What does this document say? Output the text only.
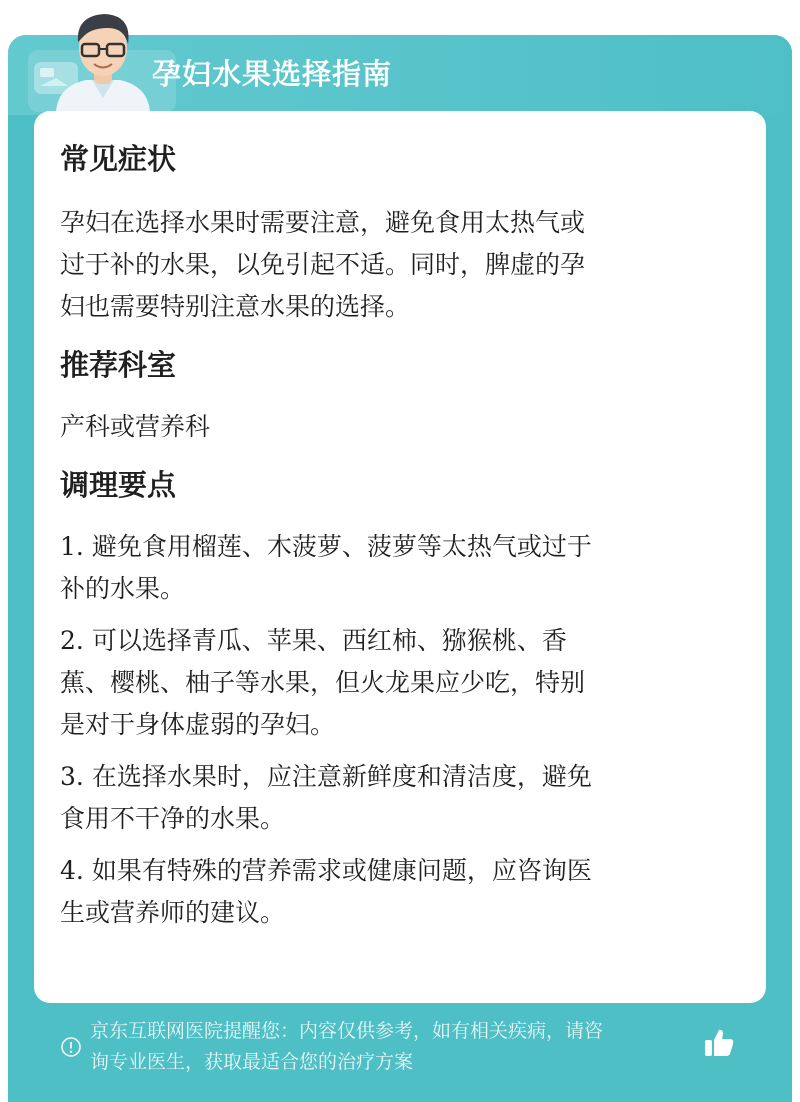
孕妇水果选择指南
常见症状

孕妇在选择水果时需要注意，避免食用太热气或

过于补的水果，以免引起不适。同时，脾虚的孕

妇也需要特别注意水果的选择。

推荐科室

产科或营养科

调理要点

1. 避免食用榴莲、木菠萝、菠萝等太热气或过于

补的水果。

2. 可以选择青瓜、苹果、西红柿、猕猴桃、香

蕉、樱桃、柚子等水果，但火龙果应少吃，特别

是对于身体虚弱的孕妇。

3. 在选择水果时，应注意新鲜度和清洁度，避免

食用不干净的水果。

4. 如果有特殊的营养需求或健康问题，应咨询医

生或营养师的建议。

京东互联网医院提醒您：内容仅供参考，如有相关疾病，请咨
询专业医生，获取最适合您的治疗方案
